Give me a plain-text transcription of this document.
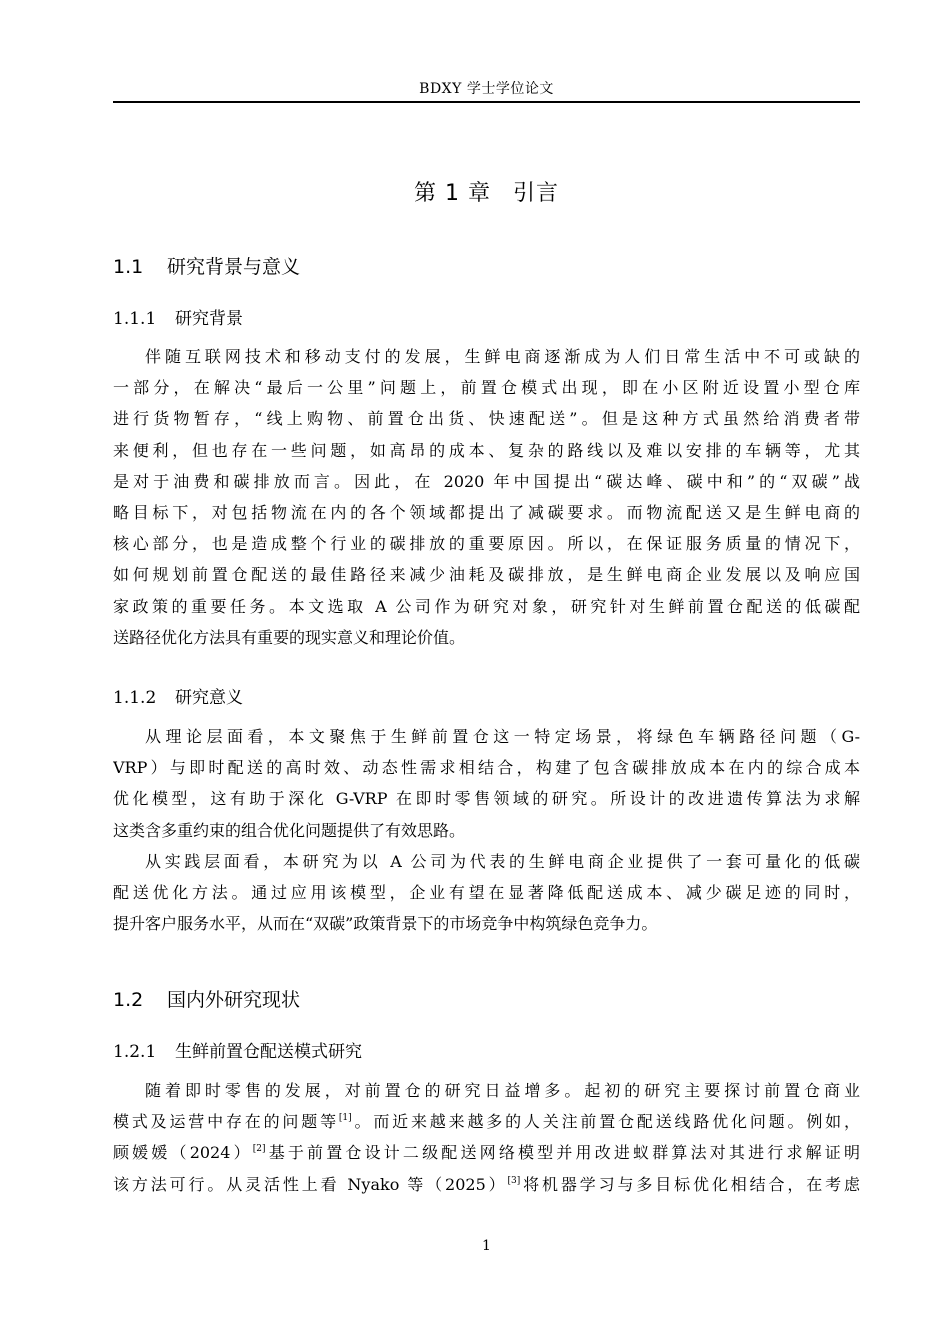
BDXY 学士学位论文
第 1 章 引言
1.1 研究背景与意义
1.1.1 研究背景
伴随互联网技术和移动支付的发展，生鲜电商逐渐成为人们日常生活中不可或缺的
一部分，在解决“最后一公里”问题上，前置仓模式出现，即在小区附近设置小型仓库
进行货物暂存，“线上购物、前置仓出货、快速配送”。但是这种方式虽然给消费者带
来便利，但也存在一些问题，如高昂的成本、复杂的路线以及难以安排的车辆等，尤其
是对于油费和碳排放而言。因此，在 2020 年中国提出“碳达峰、碳中和”的“双碳”战
略目标下，对包括物流在内的各个领域都提出了减碳要求。而物流配送又是生鲜电商的
核心部分，也是造成整个行业的碳排放的重要原因。所以，在保证服务质量的情况下，
如何规划前置仓配送的最佳路径来减少油耗及碳排放，是生鲜电商企业发展以及响应国
家政策的重要任务。本文选取 A 公司作为研究对象，研究针对生鲜前置仓配送的低碳配
送路径优化方法具有重要的现实意义和理论价值。
1.1.2 研究意义
从理论层面看，本文聚焦于生鲜前置仓这一特定场景，将绿色车辆路径问题（G-
VRP）与即时配送的高时效、动态性需求相结合，构建了包含碳排放成本在内的综合成本
优化模型，这有助于深化 G-VRP 在即时零售领域的研究。所设计的改进遗传算法为求解
这类含多重约束的组合优化问题提供了有效思路。
从实践层面看，本研究为以 A 公司为代表的生鲜电商企业提供了一套可量化的低碳
配送优化方法。通过应用该模型，企业有望在显著降低配送成本、减少碳足迹的同时，
提升客户服务水平，从而在“双碳”政策背景下的市场竞争中构筑绿色竞争力。
1.2 国内外研究现状
1.2.1 生鲜前置仓配送模式研究
随着即时零售的发展，对前置仓的研究日益增多。起初的研究主要探讨前置仓商业
模式及运营中存在的问题等[1]。而近来越来越多的人关注前置仓配送线路优化问题。例如，
顾媛媛（2024）[2]基于前置仓设计二级配送网络模型并用改进蚁群算法对其进行求解证明
该方法可行。从灵活性上看 Nyako 等（2025）[3]将机器学习与多目标优化相结合，在考虑
1
